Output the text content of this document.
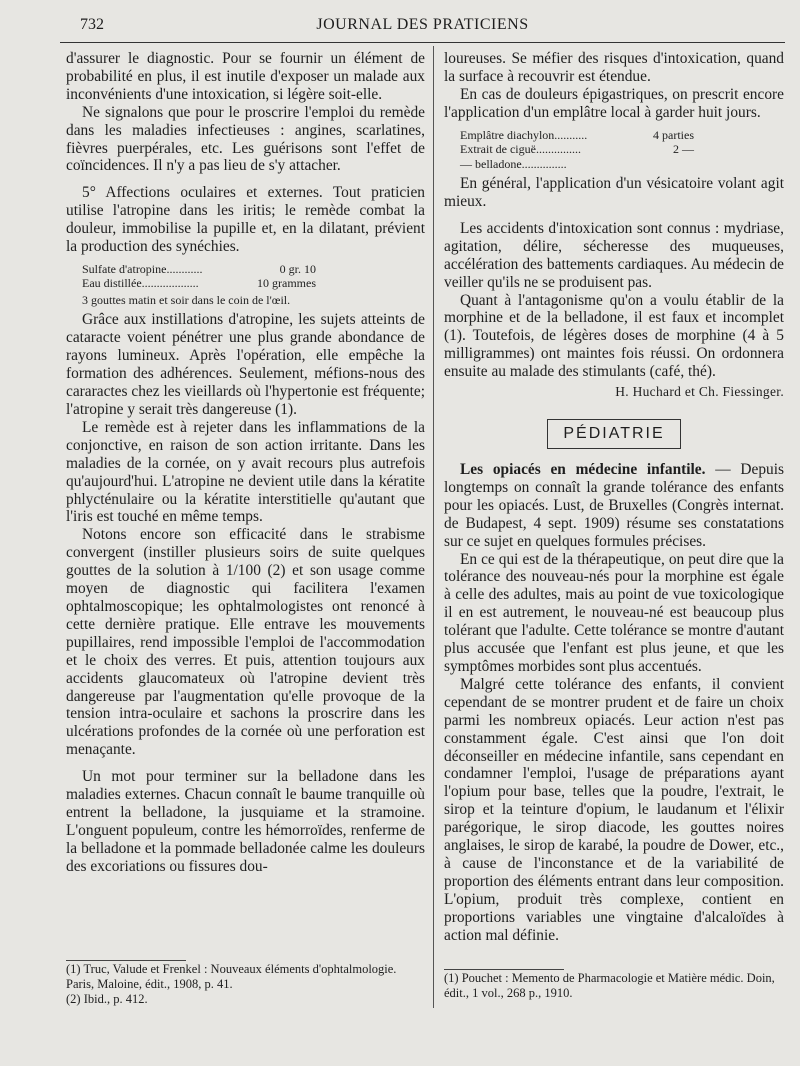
732	JOURNAL DES PRATICIENS

d'assurer le diagnostic. Pour se fournir un élément de probabilité en plus, il est inutile d'exposer un malade aux inconvénients d'une intoxication, si légère soit-elle.

Ne signalons que pour le proscrire l'emploi du remède dans les maladies infectieuses : angines, scarlatines, fièvres puerpérales, etc. Les guérisons sont l'effet de coïncidences. Il n'y a pas lieu de s'y attacher.

5° Affections oculaires et externes. Tout praticien utilise l'atropine dans les iritis; le remède combat la douleur, immobilise la pupille et, en la dilatant, prévient la production des synéchies.

Sulfate d'atropine............	0 gr. 10
Eau distillée...................	10 grammes
3 gouttes matin et soir dans le coin de l'œil.

Grâce aux instillations d'atropine, les sujets atteints de cataracte voient pénétrer une plus grande abondance de rayons lumineux. Après l'opération, elle empêche la formation des adhérences. Seulement, méfions-nous des cararactes chez les vieillards où l'hypertonie est fréquente; l'atropine y serait très dangereuse (1).

Le remède est à rejeter dans les inflammations de la conjonctive, en raison de son action irritante. Dans les maladies de la cornée, on y avait recours plus autrefois qu'aujourd'hui. L'atropine ne devient utile dans la kératite phlycténulaire ou la kératite interstitielle qu'autant que l'iris est touché en même temps.

Notons encore son efficacité dans le strabisme convergent (instiller plusieurs soirs de suite quelques gouttes de la solution à 1/100 (2) et son usage comme moyen de diagnostic qui facilitera l'examen ophtalmoscopique; les ophtalmologistes ont renoncé à cette dernière pratique. Elle entrave les mouvements pupillaires, rend impossible l'emploi de l'accommodation et le choix des verres. Et puis, attention toujours aux accidents glaucomateux où l'atropine devient très dangereuse par l'augmentation qu'elle provoque de la tension intra-oculaire et sachons la proscrire dans les ulcérations profondes de la cornée où une perforation est menaçante.

Un mot pour terminer sur la belladone dans les maladies externes. Chacun connaît le baume tranquille où entrent la belladone, la jusquiame et la stramoine. L'onguent populeum, contre les hémorroïdes, renferme de la belladone et la pommade belladonée calme les douleurs des excoriations ou fissures dou-

(1) Truc, Valude et Frenkel : Nouveaux éléments d'ophtalmologie. Paris, Maloine, édit., 1908, p. 41.
(2) Ibid., p. 412.

loureuses. Se méfier des risques d'intoxication, quand la surface à recouvrir est étendue.

En cas de douleurs épigastriques, on prescrit encore l'application d'un emplâtre local à garder huit jours.

Emplâtre diachylon...........	4 parties
Extrait de ciguë...............	2 —
— belladone...............

En général, l'application d'un vésicatoire volant agit mieux.

Les accidents d'intoxication sont connus : mydriase, agitation, délire, sécheresse des muqueuses, accélération des battements cardiaques. Au médecin de veiller qu'ils ne se produisent pas.

Quant à l'antagonisme qu'on a voulu établir de la morphine et de la belladone, il est faux et incomplet (1). Toutefois, de légères doses de morphine (4 à 5 milligrammes) ont maintes fois réussi. On ordonnera ensuite au malade des stimulants (café, thé).

H. Huchard et Ch. Fiessinger.
PÉDIATRIE

Les opiacés en médecine infantile. — Depuis longtemps on connaît la grande tolérance des enfants pour les opiacés. Lust, de Bruxelles (Congrès internat. de Budapest, 4 sept. 1909) résume ses constatations sur ce sujet en quelques formules précises.

En ce qui est de la thérapeutique, on peut dire que la tolérance des nouveau-nés pour la morphine est égale à celle des adultes, mais au point de vue toxicologique il en est autrement, le nouveau-né est beaucoup plus tolérant que l'adulte. Cette tolérance se montre d'autant plus accusée que l'enfant est plus jeune, et que les symptômes morbides sont plus accentués.

Malgré cette tolérance des enfants, il convient cependant de se montrer prudent et de faire un choix parmi les nombreux opiacés. Leur action n'est pas constamment égale. C'est ainsi que l'on doit déconseiller en médecine infantile, sans cependant en condamner l'emploi, l'usage de préparations ayant l'opium pour base, telles que la poudre, l'extrait, le sirop et la teinture d'opium, le laudanum et l'élixir parégorique, le sirop diacode, les gouttes noires anglaises, le sirop de karabé, la poudre de Dower, etc., à cause de l'inconstance et de la variabilité de proportion des éléments entrant dans leur composition. L'opium, produit très complexe, contient en proportions variables une vingtaine d'alcaloïdes à action mal définie.

(1) Pouchet : Memento de Pharmacologie et Matière médic. Doin, édit., 1 vol., 268 p., 1910.
